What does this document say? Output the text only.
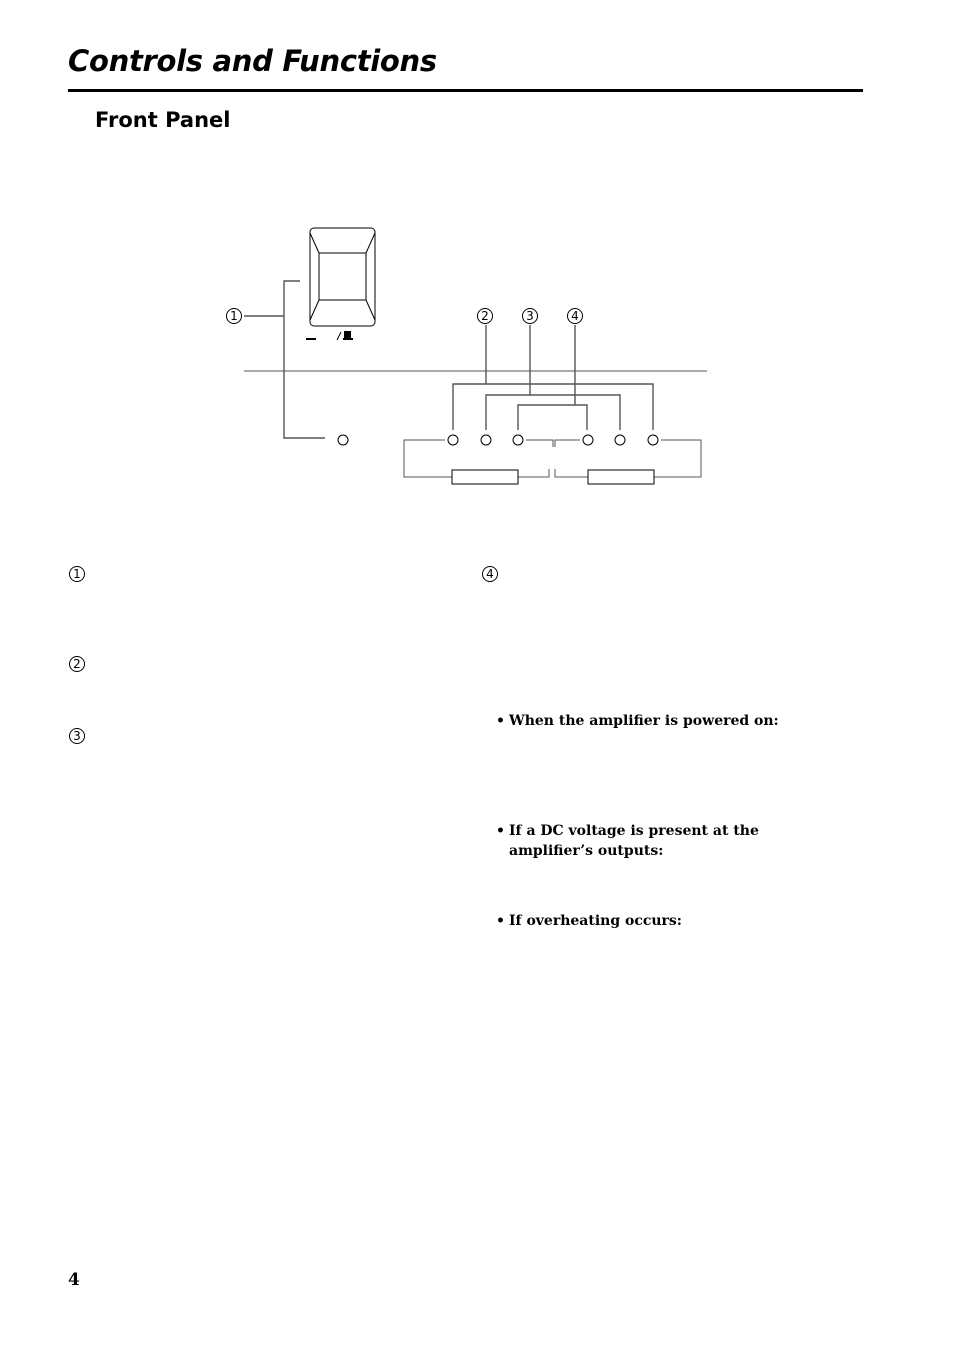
Controls and Functions
Front Panel
1	2	3	4
1
2
3
4
• When the amplifier is powered on:
• If a DC voltage is present at the amplifier’s outputs:
• If overheating occurs:
4
